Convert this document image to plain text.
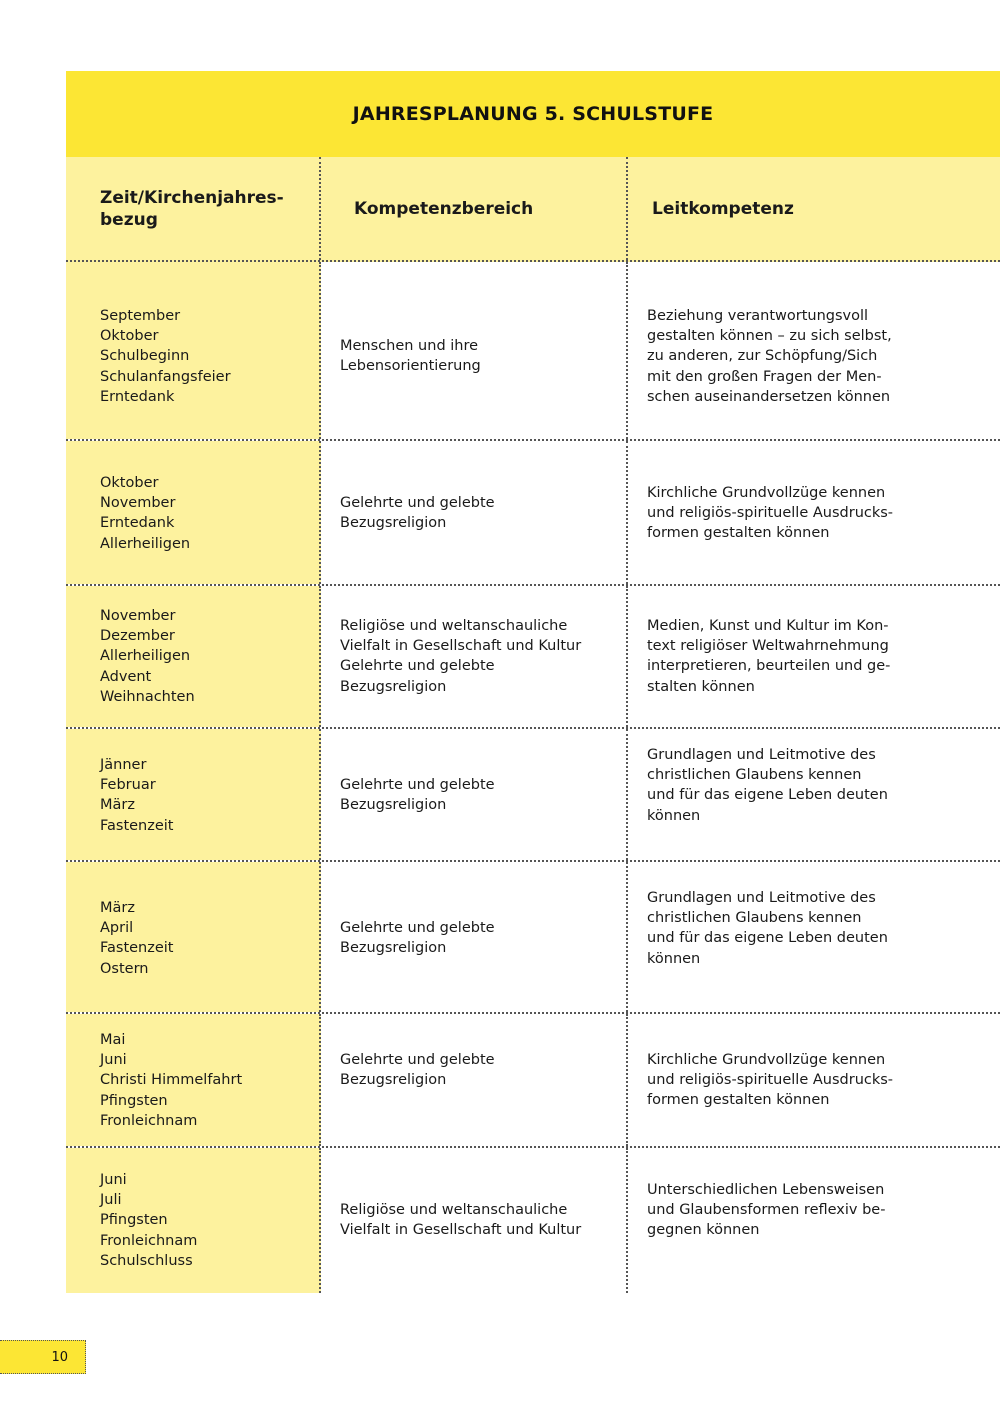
JAHRESPLANUNG 5. SCHULSTUFE
Zeit/Kirchenjahres-
bezug
Kompetenzbereich	Leitkompetenz
September
Oktober
Schulbeginn
Schulanfangsfeier
Erntedank
Menschen und ihre
Lebensorientierung
Beziehung verantwortungsvoll
gestalten können – zu sich selbst,
zu anderen, zur Schöpfung/Sich
mit den großen Fragen der Men-
schen auseinandersetzen können
Oktober
November
Erntedank
Allerheiligen
Gelehrte und gelebte
Bezugsreligion
Kirchliche Grundvollzüge kennen
und religiös-spirituelle Ausdrucks-
formen gestalten können
November
Dezember
Allerheiligen
Advent
Weihnachten
Religiöse und weltanschauliche
Vielfalt in Gesellschaft und Kultur
Gelehrte und gelebte
Bezugsreligion
Medien, Kunst und Kultur im Kon-
text religiöser Weltwahrnehmung
interpretieren, beurteilen und ge-
stalten können
Jänner
Februar
März
Fastenzeit
Gelehrte und gelebte
Bezugsreligion
Grundlagen und Leitmotive des
christlichen Glaubens kennen
und für das eigene Leben deuten
können
März
April
Fastenzeit
Ostern
Gelehrte und gelebte
Bezugsreligion
Grundlagen und Leitmotive des
christlichen Glaubens kennen
und für das eigene Leben deuten
können
Mai
Juni
Christi Himmelfahrt
Pfingsten
Fronleichnam
Gelehrte und gelebte
Bezugsreligion
Kirchliche Grundvollzüge kennen
und religiös-spirituelle Ausdrucks-
formen gestalten können
Juni
Juli
Pfingsten
Fronleichnam
Schulschluss
Religiöse und weltanschauliche
Vielfalt in Gesellschaft und Kultur
Unterschiedlichen Lebensweisen
und Glaubensformen reflexiv be-
gegnen können
10
